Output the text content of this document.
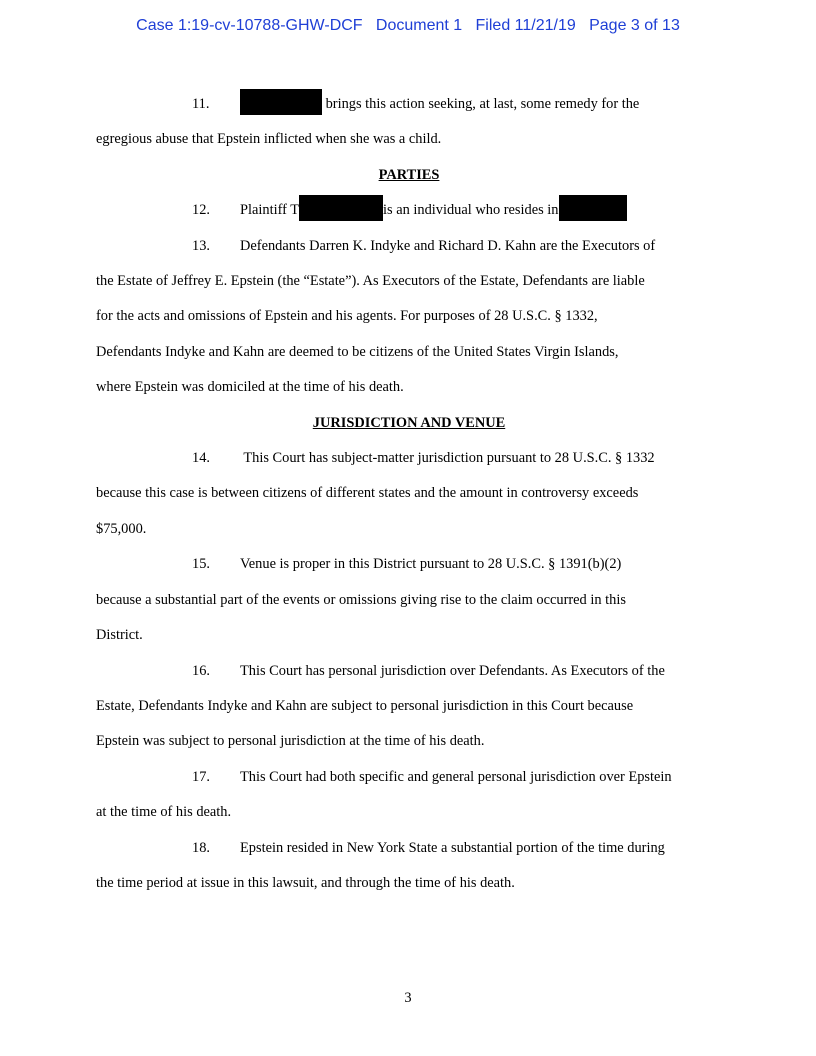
Case 1:19-cv-10788-GHW-DCF Document 1 Filed 11/21/19 Page 3 of 13

11.	brings this action seeking, at last, some remedy for the
egregious abuse that Epstein inflicted when she was a child.

PARTIES

12. Plaintiff T	is an individual who resides in

13. Defendants Darren K. Indyke and Richard D. Kahn are the Executors of
the Estate of Jeffrey E. Epstein (the “Estate”). As Executors of the Estate, Defendants are liable
for the acts and omissions of Epstein and his agents. For purposes of 28 U.S.C. § 1332,
Defendants Indyke and Kahn are deemed to be citizens of the United States Virgin Islands,
where Epstein was domiciled at the time of his death.

JURISDICTION AND VENUE

14. This Court has subject-matter jurisdiction pursuant to 28 U.S.C. § 1332
because this case is between citizens of different states and the amount in controversy exceeds
$75,000.

15. Venue is proper in this District pursuant to 28 U.S.C. § 1391(b)(2)
because a substantial part of the events or omissions giving rise to the claim occurred in this
District.

16. This Court has personal jurisdiction over Defendants. As Executors of the
Estate, Defendants Indyke and Kahn are subject to personal jurisdiction in this Court because
Epstein was subject to personal jurisdiction at the time of his death.

17. This Court had both specific and general personal jurisdiction over Epstein
at the time of his death.

18. Epstein resided in New York State a substantial portion of the time during
the time period at issue in this lawsuit, and through the time of his death.

3
